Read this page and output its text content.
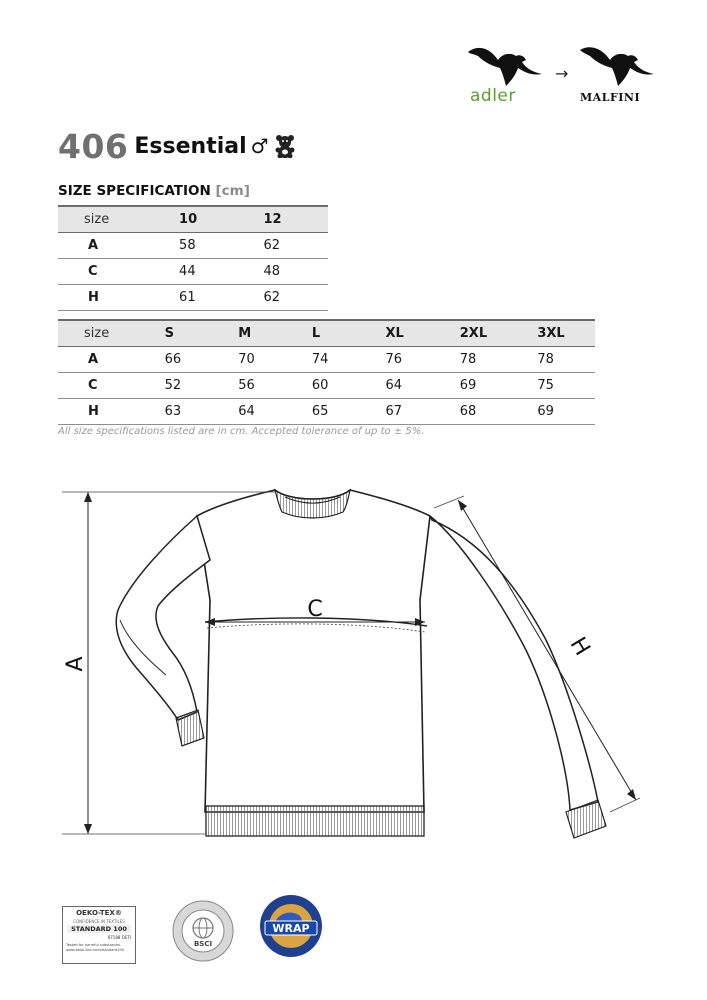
adler
→
MALFINI
406 Essential ♂
SIZE SPECIFICATION [cm]
size	10	12	
A	58	62	
C	44	48	
H	61	62	
size	S	M	L	XL	2XL	3XL
A	66	70	74	76	78	78
C	52	56	60	64	69	75
H	63	64	65	67	68	69
All size specifications listed are in cm. Accepted tolerance of up to ± 5%.
A
C
H
OEKO-TEX®
CONFIDENCE IN TEXTILES
STANDARD 100
67188 OETI
Tested for harmful substances. www.oeko-tex.com/standard100
BSCI
WRAP
